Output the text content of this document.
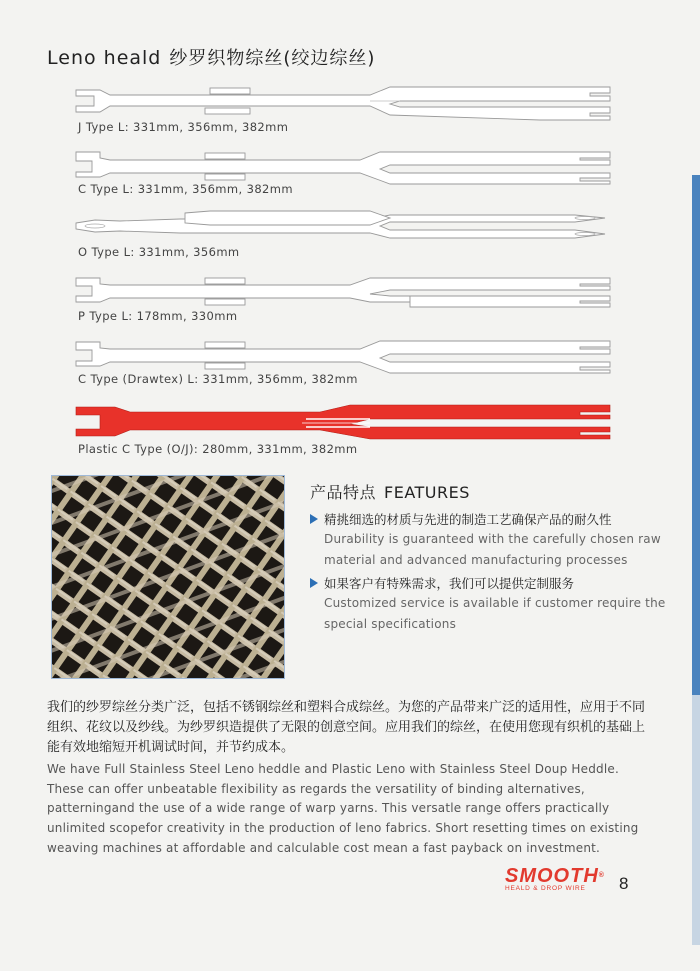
Leno heald 纱罗织物综丝(绞边综丝)
J Type L: 331mm, 356mm, 382mm
C Type L: 331mm, 356mm, 382mm
O Type L: 331mm, 356mm
P Type L: 178mm, 330mm
C Type (Drawtex) L: 331mm, 356mm, 382mm
Plastic C Type (O/J): 280mm, 331mm, 382mm
产品特点 FEATURES
精挑细选的材质与先进的制造工艺确保产品的耐久性
Durability is guaranteed with the carefully chosen raw material and advanced manufacturing processes
如果客户有特殊需求，我们可以提供定制服务
Customized service is available if customer require the special specifications

我们的纱罗综丝分类广泛，包括不锈钢综丝和塑料合成综丝。为您的产品带来广泛的适用性，应用于不同组织、花纹以及纱线。为纱罗织造提供了无限的创意空间。应用我们的综丝，在使用您现有织机的基础上能有效地缩短开机调试时间，并节约成本。

We have Full Stainless Steel Leno heddle and Plastic Leno with Stainless Steel Doup Heddle. These can offer unbeatable flexibility as regards the versatility of binding alternatives, patterningand the use of a wide range of warp yarns. This versatle range offers practically unlimited scopefor creativity in the production of leno fabrics. Short resetting times on existing weaving machines at affordable and calculable cost mean a fast payback on investment.

SMOOTH®
HEALD & DROP WIRE	8
